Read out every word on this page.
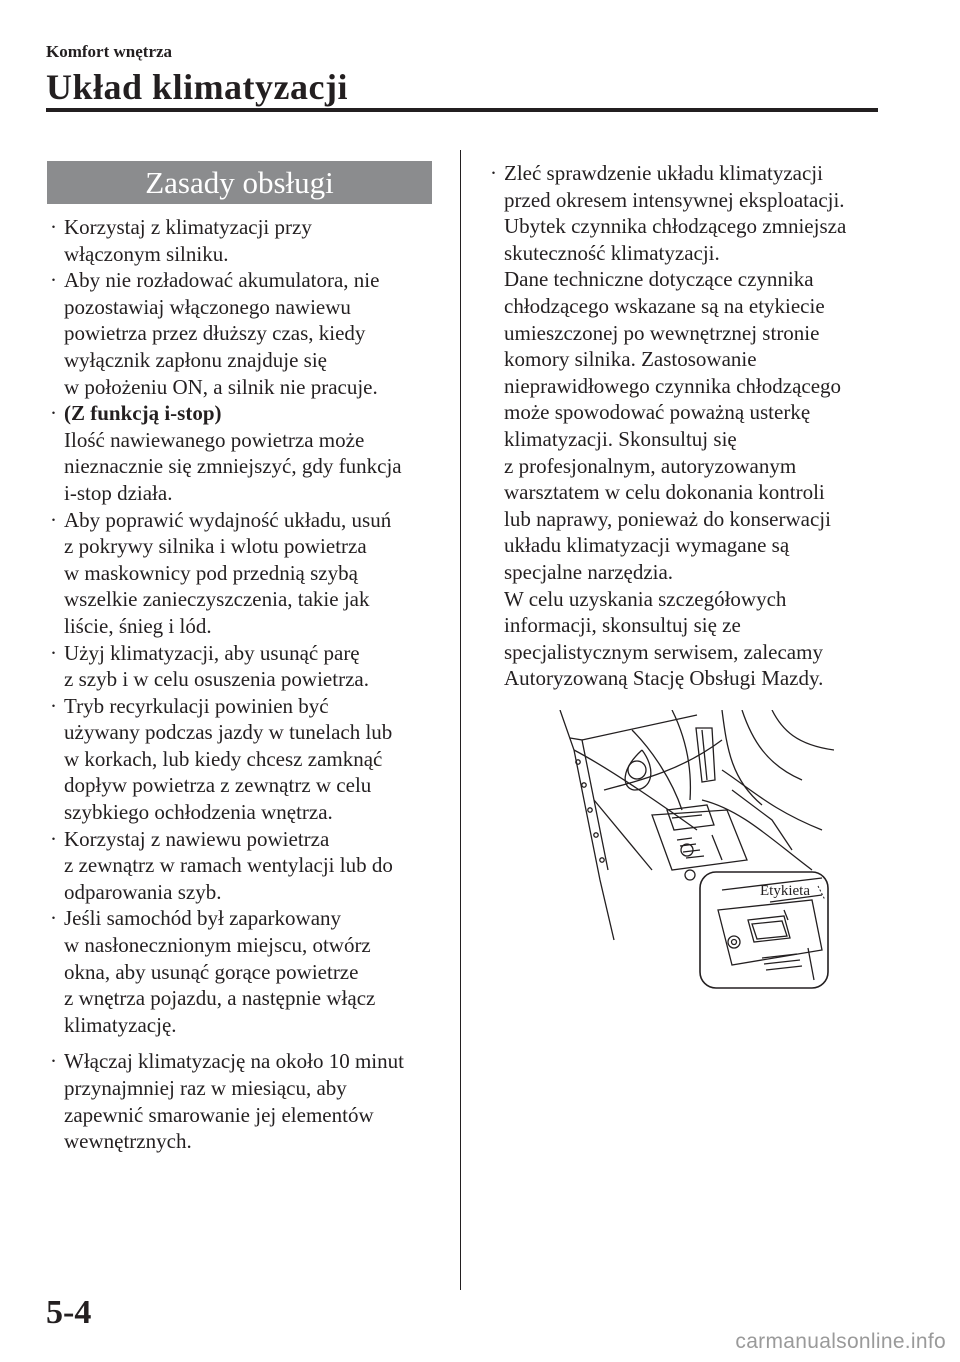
Komfort wnętrza
Układ klimatyzacji
Zasady obsługi
· Korzystaj z klimatyzacji przy
włączonym silniku.
· Aby nie rozładować akumulatora, nie
pozostawiaj włączonego nawiewu
powietrza przez dłuższy czas, kiedy
wyłącznik zapłonu znajduje się
w położeniu ON, a silnik nie pracuje.
· (Z funkcją i-stop)
Ilość nawiewanego powietrza może
nieznacznie się zmniejszyć, gdy funkcja
i-stop działa.
· Aby poprawić wydajność układu, usuń
z pokrywy silnika i wlotu powietrza
w maskownicy pod przednią szybą
wszelkie zanieczyszczenia, takie jak
liście, śnieg i lód.
· Użyj klimatyzacji, aby usunąć parę
z szyb i w celu osuszenia powietrza.
· Tryb recyrkulacji powinien być
używany podczas jazdy w tunelach lub
w korkach, lub kiedy chcesz zamknąć
dopływ powietrza z zewnątrz w celu
szybkiego ochłodzenia wnętrza.
· Korzystaj z nawiewu powietrza
z zewnątrz w ramach wentylacji lub do
odparowania szyb.
· Jeśli samochód był zaparkowany
w nasłonecznionym miejscu, otwórz
okna, aby usunąć gorące powietrze
z wnętrza pojazdu, a następnie włącz
klimatyzację.
· Włączaj klimatyzację na około 10 minut
przynajmniej raz w miesiącu, aby
zapewnić smarowanie jej elementów
wewnętrznych.
· Zleć sprawdzenie układu klimatyzacji
przed okresem intensywnej eksploatacji.
Ubytek czynnika chłodzącego zmniejsza
skuteczność klimatyzacji.
Dane techniczne dotyczące czynnika
chłodzącego wskazane są na etykiecie
umieszczonej po wewnętrznej stronie
komory silnika. Zastosowanie
nieprawidłowego czynnika chłodzącego
może spowodować poważną usterkę
klimatyzacji. Skonsultuj się
z profesjonalnym, autoryzowanym
warsztatem w celu dokonania kontroli
lub naprawy, ponieważ do konserwacji
układu klimatyzacji wymagane są
specjalne narzędzia.
W celu uzyskania szczegółowych
informacji, skonsultuj się ze
specjalistycznym serwisem, zalecamy
Autoryzowaną Stację Obsługi Mazdy.
Etykieta
5-4
carmanualsonline.info
